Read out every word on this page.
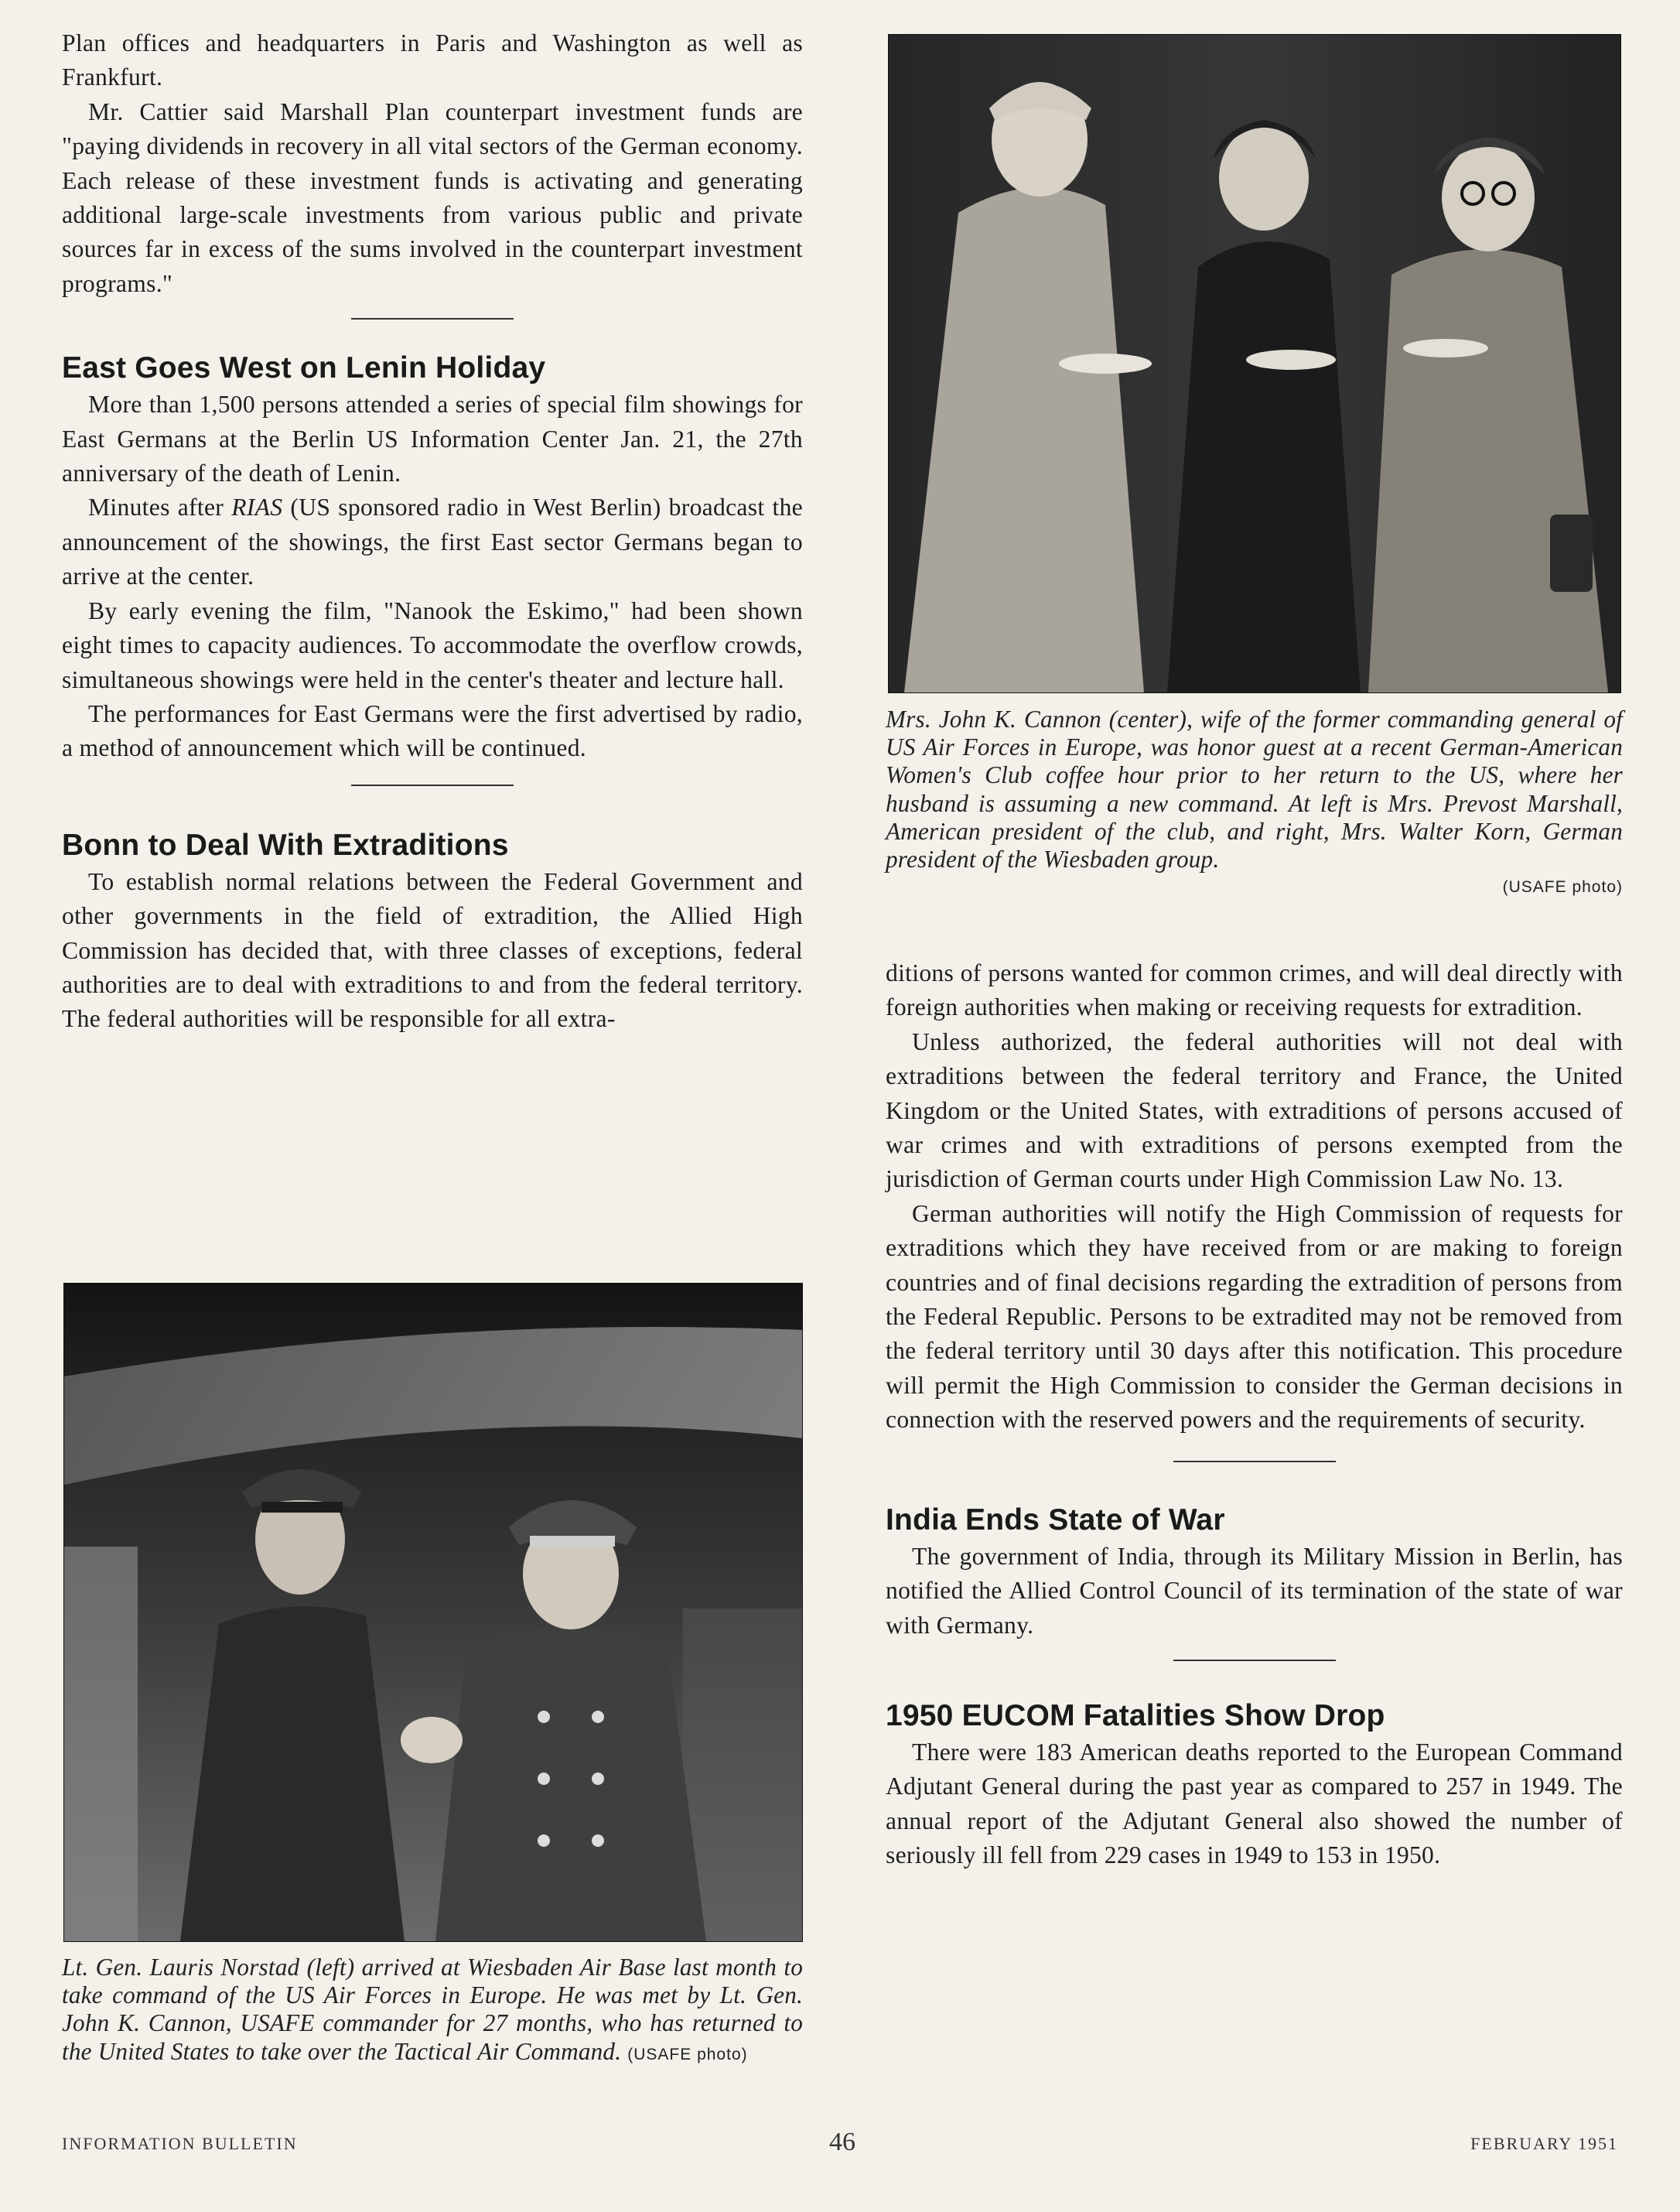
Plan offices and headquarters in Paris and Washington as well as Frankfurt.

Mr. Cattier said Marshall Plan counterpart investment funds are "paying dividends in recovery in all vital sectors of the German economy. Each release of these investment funds is activating and generating additional large-scale investments from various public and private sources far in excess of the sums involved in the counterpart investment programs."

East Goes West on Lenin Holiday

More than 1,500 persons attended a series of special film showings for East Germans at the Berlin US Information Center Jan. 21, the 27th anniversary of the death of Lenin.

Minutes after RIAS (US sponsored radio in West Berlin) broadcast the announcement of the showings, the first East sector Germans began to arrive at the center.

By early evening the film, "Nanook the Eskimo," had been shown eight times to capacity audiences. To accommodate the overflow crowds, simultaneous showings were held in the center's theater and lecture hall.

The performances for East Germans were the first advertised by radio, a method of announcement which will be continued.

Bonn to Deal With Extraditions

To establish normal relations between the Federal Government and other governments in the field of extradition, the Allied High Commission has decided that, with three classes of exceptions, federal authorities are to deal with extraditions to and from the federal territory. The federal authorities will be responsible for all extra-

Lt. Gen. Lauris Norstad (left) arrived at Wiesbaden Air Base last month to take command of the US Air Forces in Europe. He was met by Lt. Gen. John K. Cannon, USAFE commander for 27 months, who has returned to the United States to take over the Tactical Air Command. (USAFE photo)
Mrs. John K. Cannon (center), wife of the former commanding general of US Air Forces in Europe, was honor guest at a recent German-American Women's Club coffee hour prior to her return to the US, where her husband is assuming a new command. At left is Mrs. Prevost Marshall, American president of the club, and right, Mrs. Walter Korn, German president of the Wiesbaden group.
(USAFE photo)

ditions of persons wanted for common crimes, and will deal directly with foreign authorities when making or receiving requests for extradition.

Unless authorized, the federal authorities will not deal with extraditions between the federal territory and France, the United Kingdom or the United States, with extraditions of persons accused of war crimes and with extraditions of persons exempted from the jurisdiction of German courts under High Commission Law No. 13.

German authorities will notify the High Commission of requests for extraditions which they have received from or are making to foreign countries and of final decisions regarding the extradition of persons from the Federal Republic. Persons to be extradited may not be removed from the federal territory until 30 days after this notification. This procedure will permit the High Commission to consider the German decisions in connection with the reserved powers and the requirements of security.

India Ends State of War

The government of India, through its Military Mission in Berlin, has notified the Allied Control Council of its termination of the state of war with Germany.

1950 EUCOM Fatalities Show Drop

There were 183 American deaths reported to the European Command Adjutant General during the past year as compared to 257 in 1949. The annual report of the Adjutant General also showed the number of seriously ill fell from 229 cases in 1949 to 153 in 1950.

INFORMATION BULLETIN	46	FEBRUARY 1951
